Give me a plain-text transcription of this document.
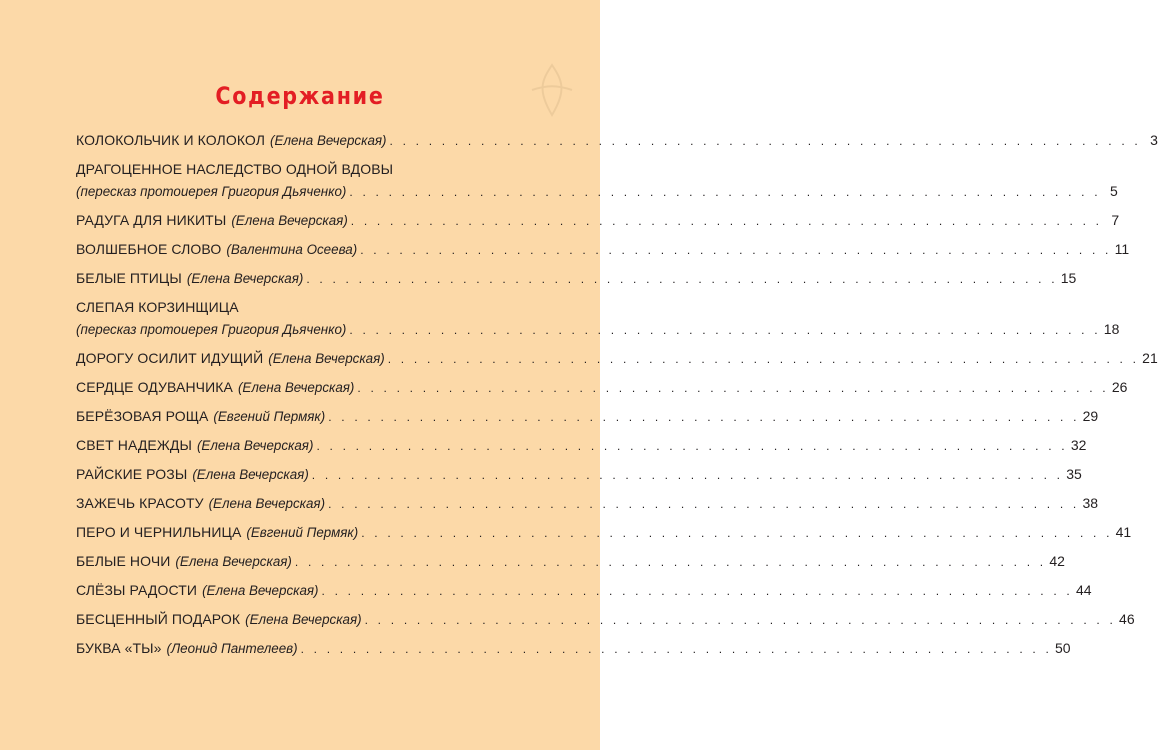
Содержание
КОЛОКОЛЬЧИК И КОЛОКОЛ (Елена Вечерская) . . . . . . . . . . . . . . . . . . . . . . . . . . . . . . . . . . . . . . . . . . . . . . . . . . . . . . . . . . 3
ДРАГОЦЕННОЕ НАСЛЕДСТВО ОДНОЙ ВДОВЫ
(пересказ протоиерея Григория Дьяченко) . . . . . . . . . . . . . . . . . . . . . . . . . . . . . . . . . . . . . . . . . . . . . . . . . . . . . . . . . . 5
РАДУГА ДЛЯ НИКИТЫ (Елена Вечерская) . . . . . . . . . . . . . . . . . . . . . . . . . . . . . . . . . . . . . . . . . . . . . . . . . . . . . . . . . . 7
ВОЛШЕБНОЕ СЛОВО (Валентина Осеева) . . . . . . . . . . . . . . . . . . . . . . . . . . . . . . . . . . . . . . . . . . . . . . . . . . . . . . . . . . 11
БЕЛЫЕ ПТИЦЫ (Елена Вечерская) . . . . . . . . . . . . . . . . . . . . . . . . . . . . . . . . . . . . . . . . . . . . . . . . . . . . . . . . . . 15
СЛЕПАЯ КОРЗИНЩИЦА
(пересказ протоиерея Григория Дьяченко) . . . . . . . . . . . . . . . . . . . . . . . . . . . . . . . . . . . . . . . . . . . . . . . . . . . . . . . . . . 18
ДОРОГУ ОСИЛИТ ИДУЩИЙ (Елена Вечерская) . . . . . . . . . . . . . . . . . . . . . . . . . . . . . . . . . . . . . . . . . . . . . . . . . . . . . . . . . . 21
СЕРДЦЕ ОДУВАНЧИКА (Елена Вечерская) . . . . . . . . . . . . . . . . . . . . . . . . . . . . . . . . . . . . . . . . . . . . . . . . . . . . . . . . . . 26
БЕРЁЗОВАЯ РОЩА (Евгений Пермяк) . . . . . . . . . . . . . . . . . . . . . . . . . . . . . . . . . . . . . . . . . . . . . . . . . . . . . . . . . . 29
СВЕТ НАДЕЖДЫ (Елена Вечерская) . . . . . . . . . . . . . . . . . . . . . . . . . . . . . . . . . . . . . . . . . . . . . . . . . . . . . . . . . . 32
РАЙСКИЕ РОЗЫ (Елена Вечерская) . . . . . . . . . . . . . . . . . . . . . . . . . . . . . . . . . . . . . . . . . . . . . . . . . . . . . . . . . . 35
ЗАЖЕЧЬ КРАСОТУ (Елена Вечерская) . . . . . . . . . . . . . . . . . . . . . . . . . . . . . . . . . . . . . . . . . . . . . . . . . . . . . . . . . . 38
ПЕРО И ЧЕРНИЛЬНИЦА (Евгений Пермяк) . . . . . . . . . . . . . . . . . . . . . . . . . . . . . . . . . . . . . . . . . . . . . . . . . . . . . . . . . . 41
БЕЛЫЕ НОЧИ (Елена Вечерская) . . . . . . . . . . . . . . . . . . . . . . . . . . . . . . . . . . . . . . . . . . . . . . . . . . . . . . . . . . 42
СЛЁЗЫ РАДОСТИ (Елена Вечерская) . . . . . . . . . . . . . . . . . . . . . . . . . . . . . . . . . . . . . . . . . . . . . . . . . . . . . . . . . . 44
БЕСЦЕННЫЙ ПОДАРОК (Елена Вечерская) . . . . . . . . . . . . . . . . . . . . . . . . . . . . . . . . . . . . . . . . . . . . . . . . . . . . . . . . . . 46
БУКВА «ТЫ» (Леонид Пантелеев) . . . . . . . . . . . . . . . . . . . . . . . . . . . . . . . . . . . . . . . . . . . . . . . . . . . . . . . . . . 50
